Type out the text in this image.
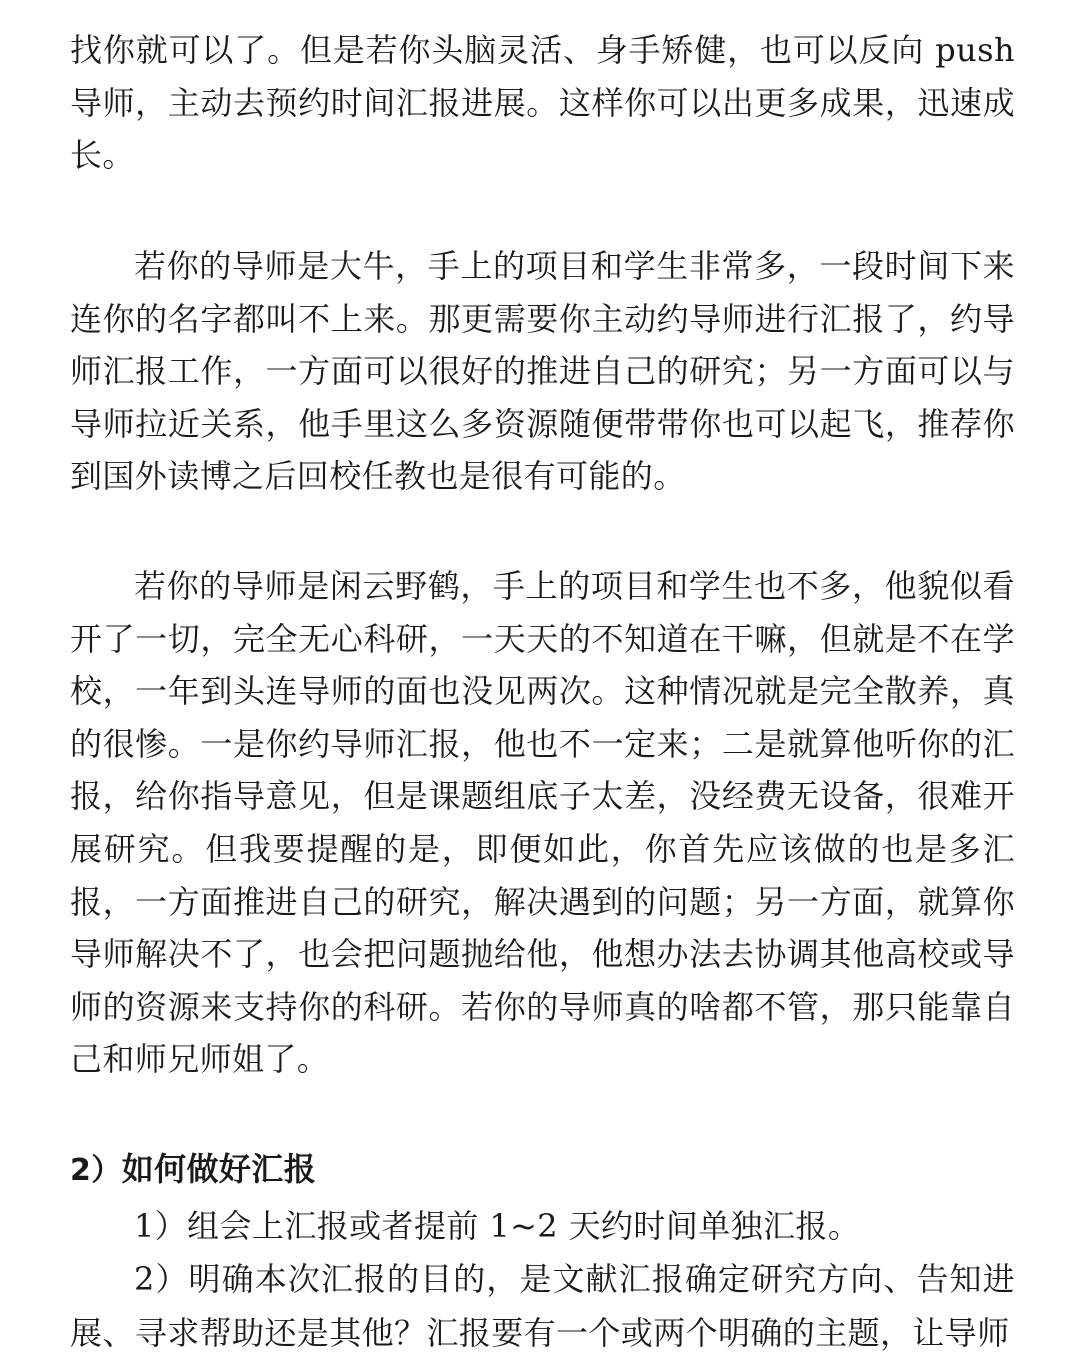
找你就可以了。但是若你头脑灵活、身手矫健，也可以反向 push 导师，主动去预约时间汇报进展。这样你可以出更多成果，迅速成长。

若你的导师是大牛，手上的项目和学生非常多，一段时间下来连你的名字都叫不上来。那更需要你主动约导师进行汇报了，约导师汇报工作，一方面可以很好的推进自己的研究；另一方面可以与导师拉近关系，他手里这么多资源随便带带你也可以起飞，推荐你到国外读博之后回校任教也是很有可能的。

若你的导师是闲云野鹤，手上的项目和学生也不多，他貌似看开了一切，完全无心科研，一天天的不知道在干嘛，但就是不在学校，一年到头连导师的面也没见两次。这种情况就是完全散养，真的很惨。一是你约导师汇报，他也不一定来；二是就算他听你的汇报，给你指导意见，但是课题组底子太差，没经费无设备，很难开展研究。但我要提醒的是，即便如此，你首先应该做的也是多汇报，一方面推进自己的研究，解决遇到的问题；另一方面，就算你导师解决不了，也会把问题抛给他，他想办法去协调其他高校或导师的资源来支持你的科研。若你的导师真的啥都不管，那只能靠自己和师兄师姐了。

2）如何做好汇报

1）组会上汇报或者提前 1~2 天约时间单独汇报。

2）明确本次汇报的目的，是文献汇报确定研究方向、告知进展、寻求帮助还是其他？汇报要有一个或两个明确的主题，让导师
